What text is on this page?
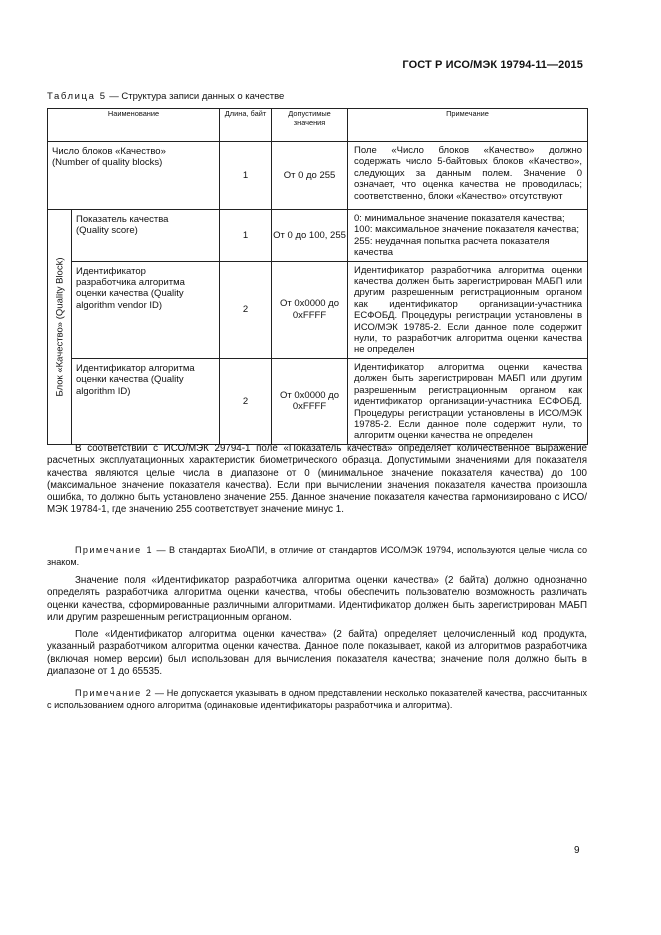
ГОСТ Р ИСО/МЭК 19794-11—2015
Таблица 5 — Структура записи данных о качестве
Наименование		Длина, байт	Допустимые значения	Примечание
Число блоков «Качество» (Number of quality blocks)		1	От 0 до 255	Поле «Число блоков «Качество» должно содержать число 5-байтовых блоков «Качество», следующих за данным полем. Значение 0 означает, что оценка качества не проводилась; соответственно, блоки «Качество» отсутствуют

Блок «Качество» (Quality Block)	Показатель качества (Quality score)	1	От 0 до 100, 255	0: минимальное значение показателя качества;
100: максимальное значение показателя качества;
255: неудачная попытка расчета показателя качества

	Идентификатор разработчика алгоритма оценки качества (Quality algorithm vendor ID)	2	От 0x0000 до 0xFFFF	Идентификатор разработчика алгоритма оценки качества должен быть зарегистрирован МАБП или другим разрешенным регистрационным органом как идентификатор организации-участника ЕСФОБД. Процедуры регистрации установлены в ИСО/МЭК 19785-2. Если данное поле содержит нули, то разработчик алгоритма оценки качества не определен
	Идентификатор алгоритма оценки качества (Quality algorithm ID)	2	От 0x0000 до 0xFFFF	Идентификатор алгоритма оценки качества должен быть зарегистрирован МАБП или другим разрешенным регистрационным органом как идентификатор организации-участника ЕСФОБД. Процедуры регистрации установлены в ИСО/МЭК 19785-2. Если данное поле содержит нули, то алгоритм оценки качества не определен

В соответствии с ИСО/МЭК 29794-1 поле «Показатель качества» определяет количественное выражение расчетных эксплуатационных характеристик биометрического образца. Допустимыми значениями для показателя качества являются целые числа в диапазоне от 0 (минимальное значение показателя качества) до 100 (максимальное значение показателя качества). Если при вычислении значения показателя качества произошла ошибка, то должно быть установлено значение 255. Данное значение показателя качества гармонизировано с ИСО/МЭК 19784-1, где значению 255 соответствует значение минус 1.

Примечание 1 — В стандартах БиоАПИ, в отличие от стандартов ИСО/МЭК 19794, используются целые числа со знаком.

Значение поля «Идентификатор разработчика алгоритма оценки качества» (2 байта) должно однозначно определять разработчика алгоритма оценки качества, чтобы обеспечить пользователю возможность различать оценки качества, сформированные различными алгоритмами. Идентификатор должен быть зарегистрирован МАБП или другим разрешенным регистрационным органом.

Поле «Идентификатор алгоритма оценки качества» (2 байта) определяет целочисленный код продукта, указанный разработчиком алгоритма оценки качества. Данное поле показывает, какой из алгоритмов разработчика (включая номер версии) был использован для вычисления показателя качества; значение поля должно быть в диапазоне от 1 до 65535.

Примечание 2 — Не допускается указывать в одном представлении несколько показателей качества, рассчитанных с использованием одного алгоритма (одинаковые идентификаторы разработчика и алгоритма).

9
